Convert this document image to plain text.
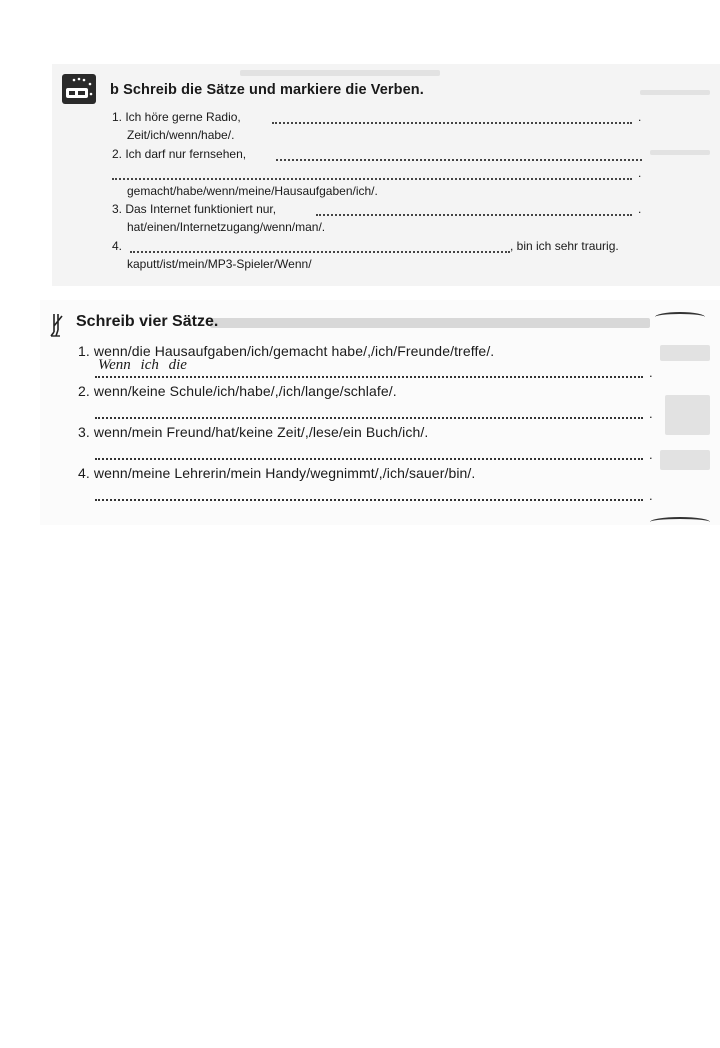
b Schreib die Sätze und markiere die Verben.
1. Ich höre gerne Radio,	.
Zeit/ich/wenn/habe/.
2. Ich darf nur fernsehen,
.
gemacht/habe/wenn/meine/Hausaufgaben/ich/.
3. Das Internet funktioniert nur,	.
hat/einen/Internetzugang/wenn/man/.
4.	, bin ich sehr traurig.
kaputt/ist/mein/MP3-Spieler/Wenn/
Schreib vier Sätze.
1. wenn/die Hausaufgaben/ich/gemacht habe/,/ich/Freunde/treffe/.
Wenn ich die	.
2. wenn/keine Schule/ich/habe/,/ich/lange/schlafe/.
.
3. wenn/mein Freund/hat/keine Zeit/,/lese/ein Buch/ich/.
.
4. wenn/meine Lehrerin/mein Handy/wegnimmt/,/ich/sauer/bin/.
.
